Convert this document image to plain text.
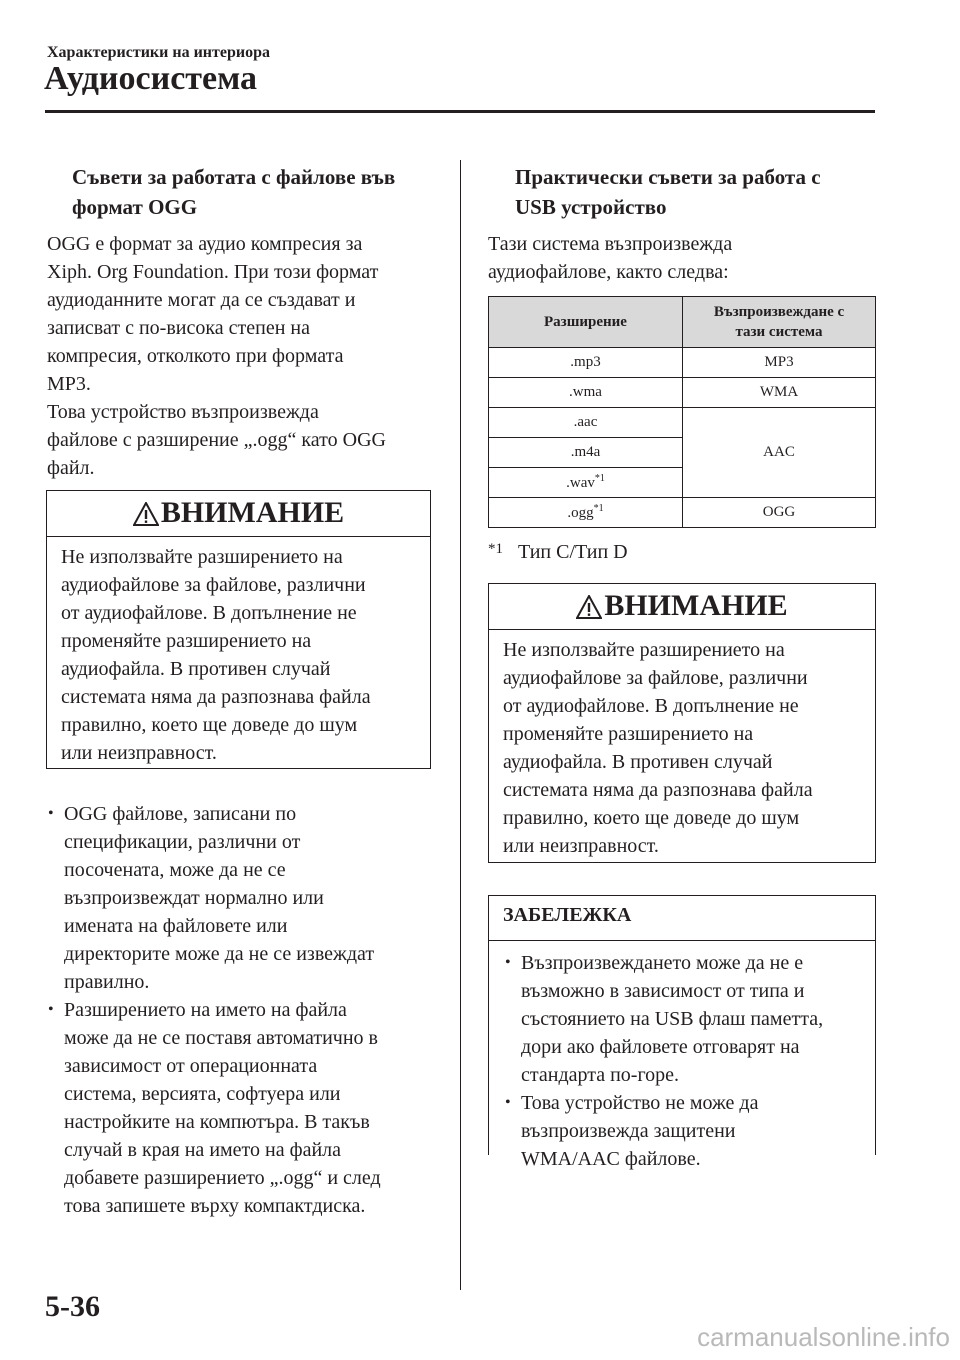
Характеристики на интериора
Аудиосистема
Съвети за работата с файлове във
формат OGG
OGG е формат за аудио компресия за
Xiph. Org Foundation. При този формат
аудиоданните могат да се създават и
записват с по-висока степен на
компресия, отколкото при формата
MP3.
Това устройство възпроизвежда
файлове с разширение „.ogg“ като OGG
файл.
ВНИМАНИЕ
Не използвайте разширението на
аудиофайлове за файлове, различни
от аудиофайлове. В допълнение не
променяйте разширението на
аудиофайла. В противен случай
системата няма да разпознава файла
правилно, което ще доведе до шум
или неизправност.
• OGG файлове, записани по
спецификации, различни от
посочената, може да не се
възпроизвеждат нормално или
имената на файловете или
директорите може да не се извеждат
правилно.
• Разширението на името на файла
може да не се поставя автоматично в
зависимост от операционната
система, версията, софтуера или
настройките на компютъра. В такъв
случай в края на името на файла
добавете разширението „.ogg“ и след
това запишете върху компактдиска.
Практически съвети за работа с
USB устройство
Тази система възпроизвежда
аудиофайлове, както следва:
Разширение	Възпроизвеждане с
тази система

.mp3	MP3
.wma	WMA
.aac	AAC
.m4a	
.wav$^{*1}$
.ogg$^{*1}$	OGG
$^{*1}$ Тип C/Тип D
ВНИМАНИЕ
Не използвайте разширението на
аудиофайлове за файлове, различни
от аудиофайлове. В допълнение не
променяйте разширението на
аудиофайла. В противен случай
системата няма да разпознава файла
правилно, което ще доведе до шум
или неизправност.
ЗАБЕЛЕЖКА
• Възпроизвеждането може да не е
възможно в зависимост от типа и
състоянието на USB флаш паметта,
дори ако файловете отговарят на
стандарта по-горе.
• Това устройство не може да
възпроизвежда защитени
WMA/AAC файлове.
5-36
carmanualsonline.info
